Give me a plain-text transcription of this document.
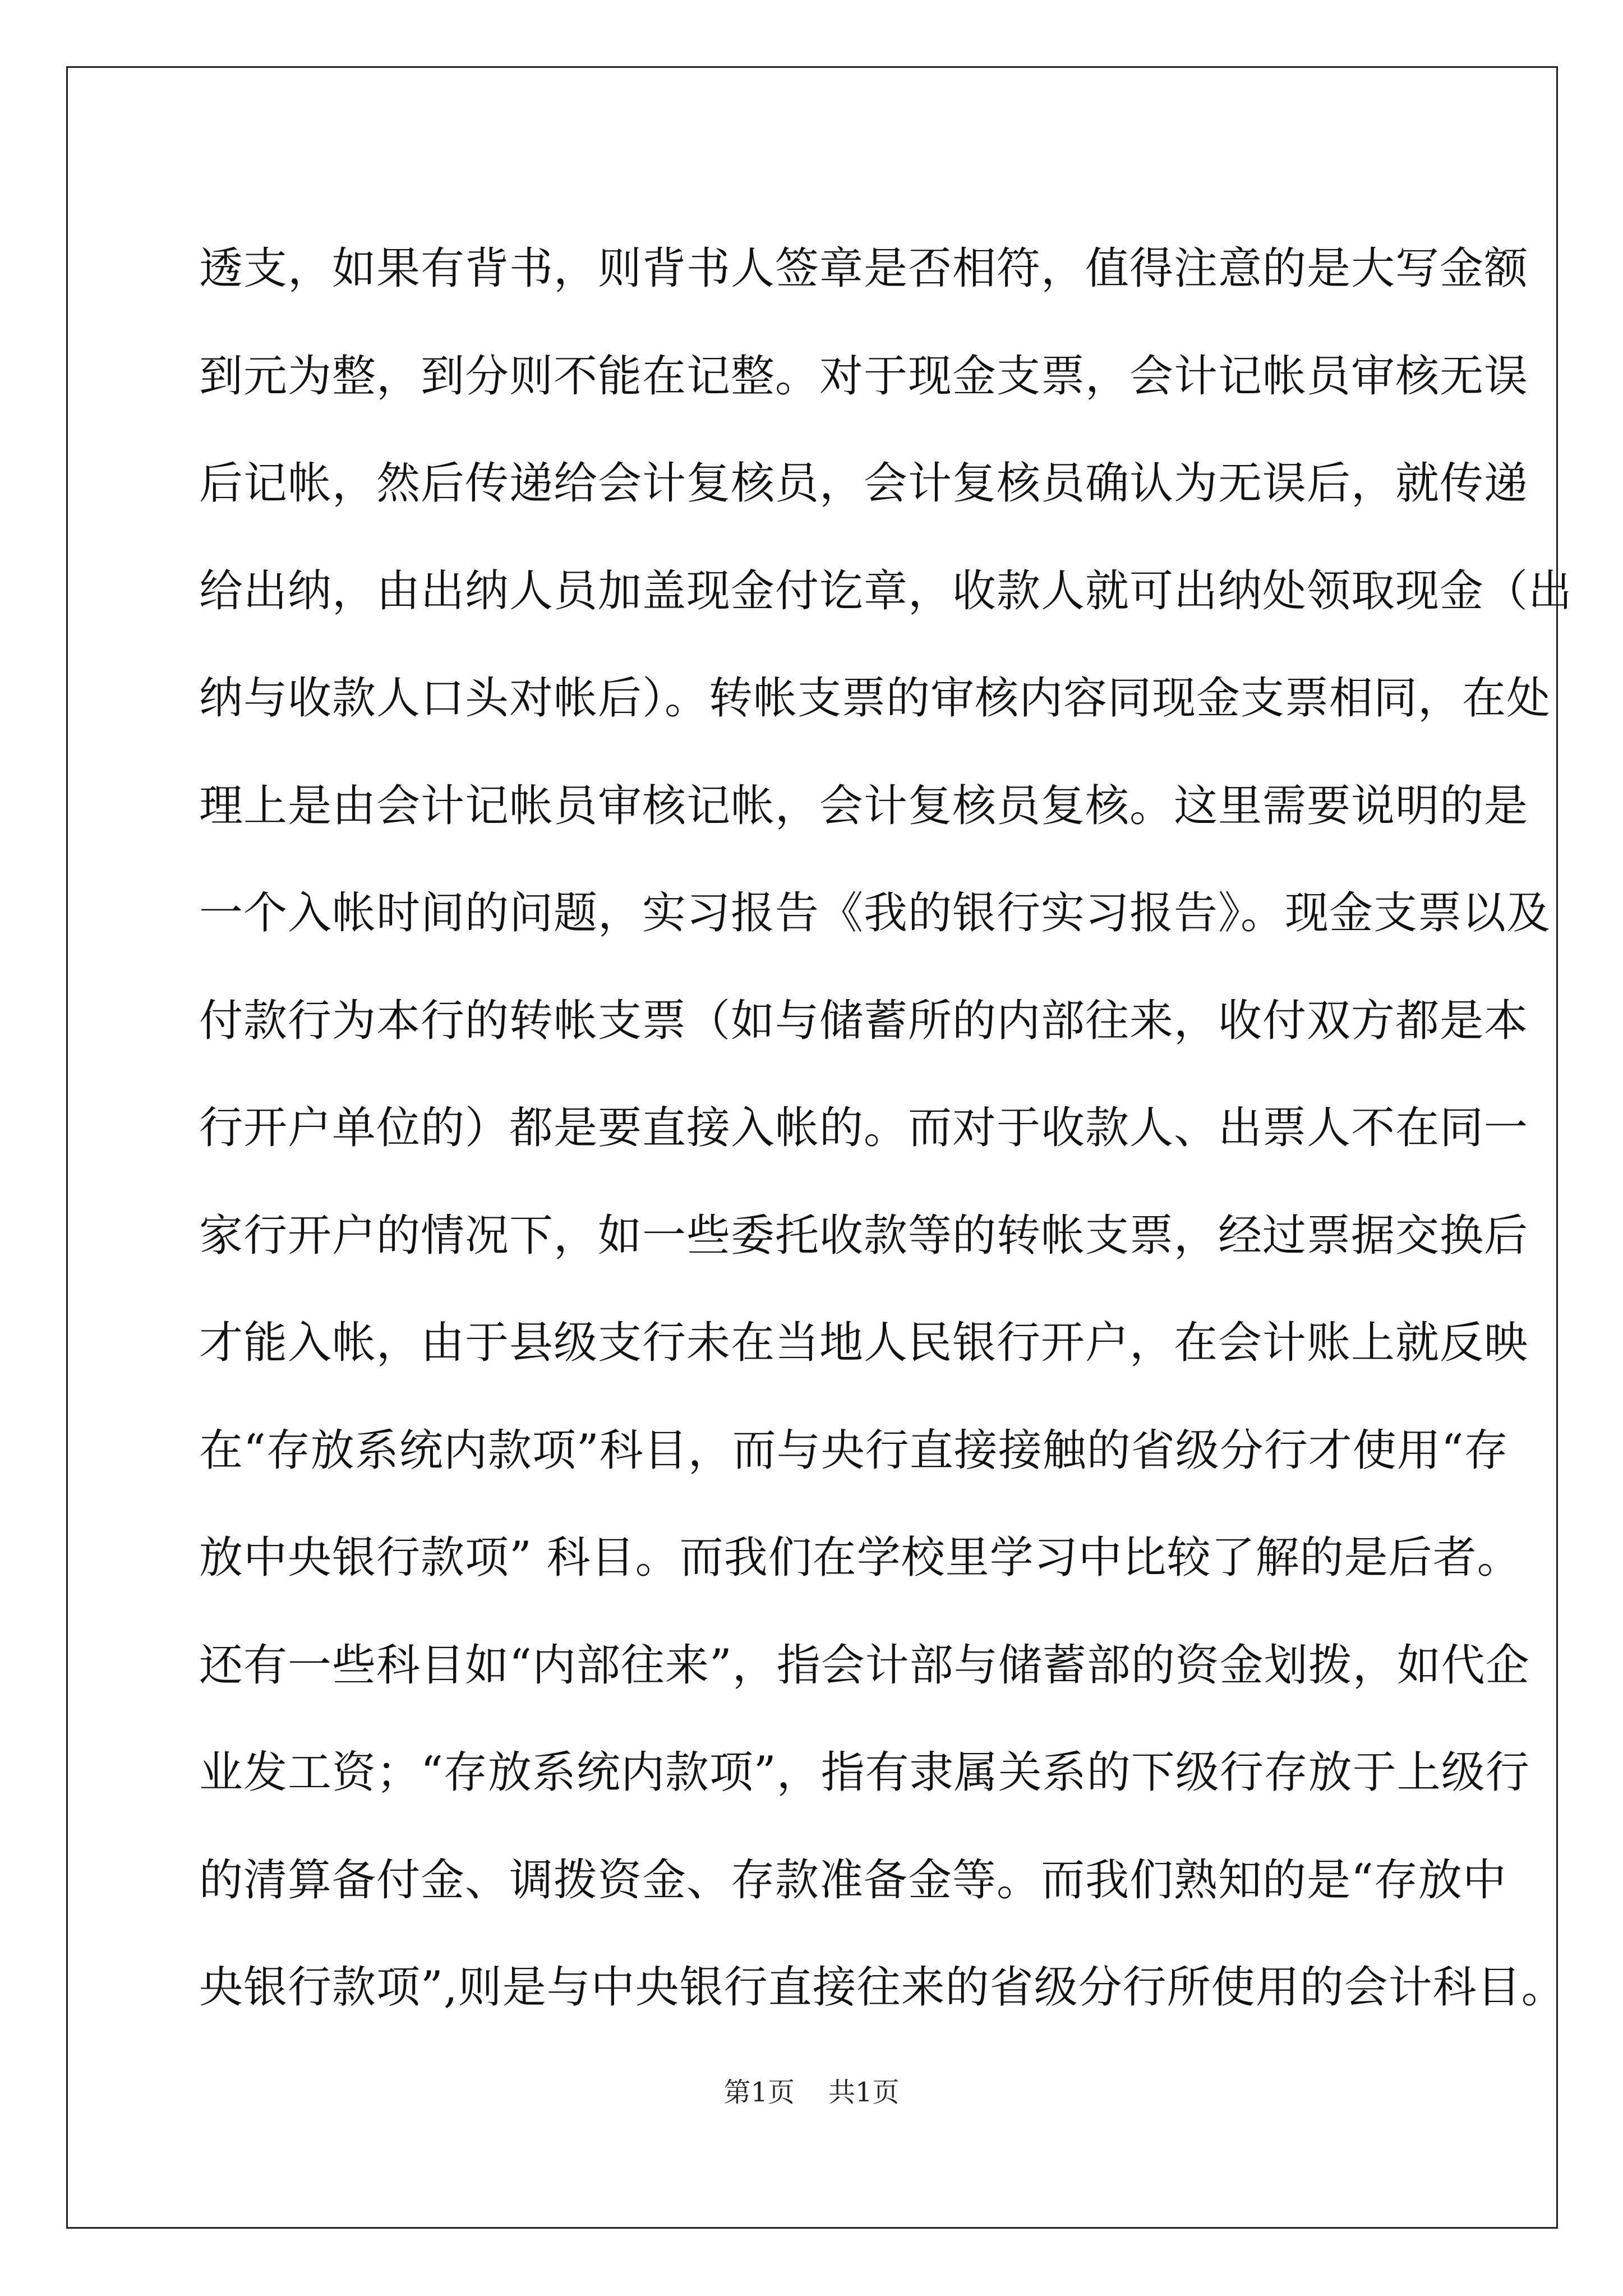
透支，如果有背书，则背书人签章是否相符，值得注意的是大写金额
到元为整，到分则不能在记整。对于现金支票，会计记帐员审核无误
后记帐，然后传递给会计复核员，会计复核员确认为无误后，就传递
给出纳，由出纳人员加盖现金付讫章，收款人就可出纳处领取现金（出
纳与收款人口头对帐后）。转帐支票的审核内容同现金支票相同，在处
理上是由会计记帐员审核记帐，会计复核员复核。这里需要说明的是
一个入帐时间的问题，实习报告《我的银行实习报告》。现金支票以及
付款行为本行的转帐支票（如与储蓄所的内部往来，收付双方都是本
行开户单位的）都是要直接入帐的。而对于收款人、出票人不在同一
家行开户的情况下，如一些委托收款等的转帐支票，经过票据交换后
才能入帐，由于县级支行未在当地人民银行开户，在会计账上就反映
在“存放系统内款项”科目，而与央行直接接触的省级分行才使用“存
放中央银行款项” 科目。而我们在学校里学习中比较了解的是后者。
还有一些科目如“内部往来”，指会计部与储蓄部的资金划拨，如代企
业发工资；“存放系统内款项”，指有隶属关系的下级行存放于上级行
的清算备付金、调拨资金、存款准备金等。而我们熟知的是“存放中
央银行款项”,则是与中央银行直接往来的省级分行所使用的会计科目。
第1页 共1页
